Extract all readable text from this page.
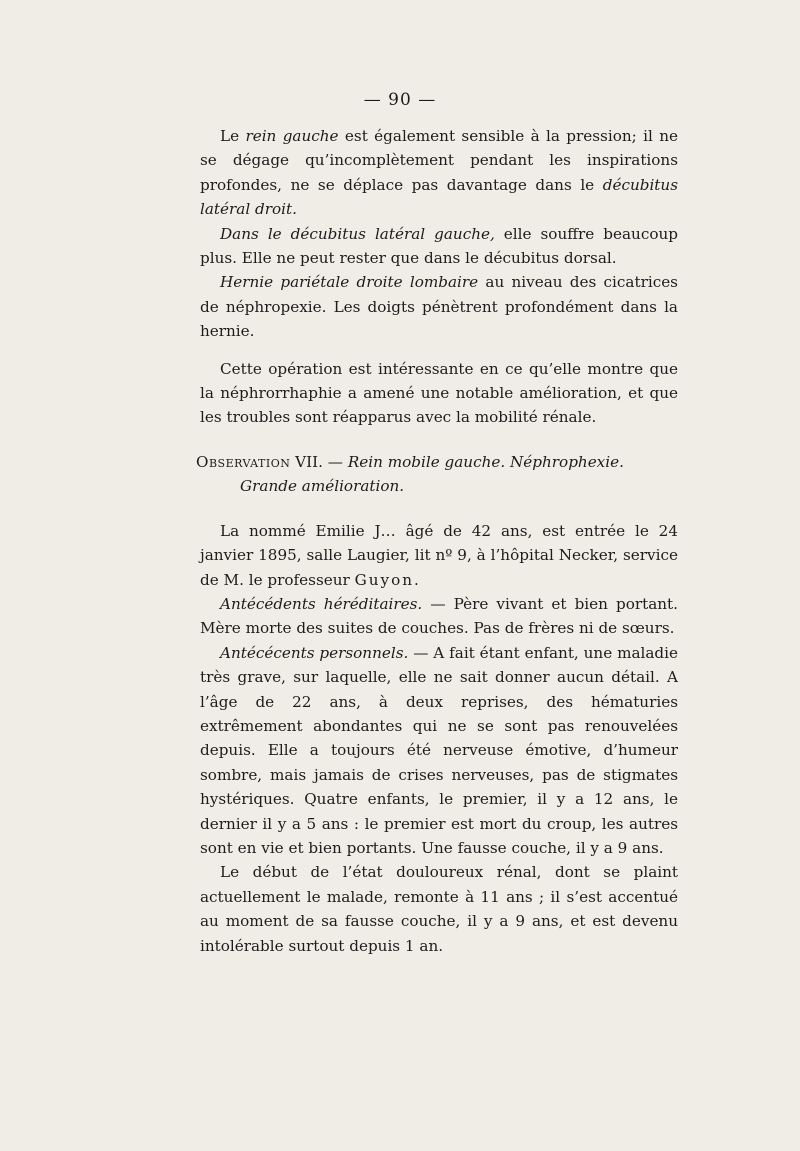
— 90 —

Le rein gauche est également sensible à la pression; il ne se dégage qu’incomplètement pendant les inspirations profondes, ne se déplace pas davantage dans le décubitus latéral droit.

Dans le décubitus latéral gauche, elle souffre beaucoup plus. Elle ne peut rester que dans le décubitus dorsal.

Hernie pariétale droite lombaire au niveau des cicatrices de néphropexie. Les doigts pénètrent profondément dans la hernie.

Cette opération est intéressante en ce qu’elle montre que la néphrorrhaphie a amené une notable amélioration, et que les troubles sont réapparus avec la mobilité rénale.

Observation VII. — Rein mobile gauche. Néphrophexie.

Grande amélioration.

La nommé Emilie J… âgé de 42 ans, est entrée le 24 janvier 1895, salle Laugier, lit nº 9, à l’hôpital Necker, service de M. le professeur Guyon.

Antécédents héréditaires. — Père vivant et bien portant. Mère morte des suites de couches. Pas de frères ni de sœurs.

Antécécents personnels. — A fait étant enfant, une maladie très grave, sur laquelle, elle ne sait donner aucun détail. A l’âge de 22 ans, à deux reprises, des hématuries extrêmement abondantes qui ne se sont pas renouvelées depuis. Elle a toujours été nerveuse émotive, d’humeur sombre, mais jamais de crises nerveuses, pas de stigmates hystériques. Quatre enfants, le premier, il y a 12 ans, le dernier il y a 5 ans : le premier est mort du croup, les autres sont en vie et bien portants. Une fausse couche, il y a 9 ans.

Le début de l’état douloureux rénal, dont se plaint actuellement le malade, remonte à 11 ans ; il s’est accentué au moment de sa fausse couche, il y a 9 ans, et est devenu intolérable surtout depuis 1 an.
